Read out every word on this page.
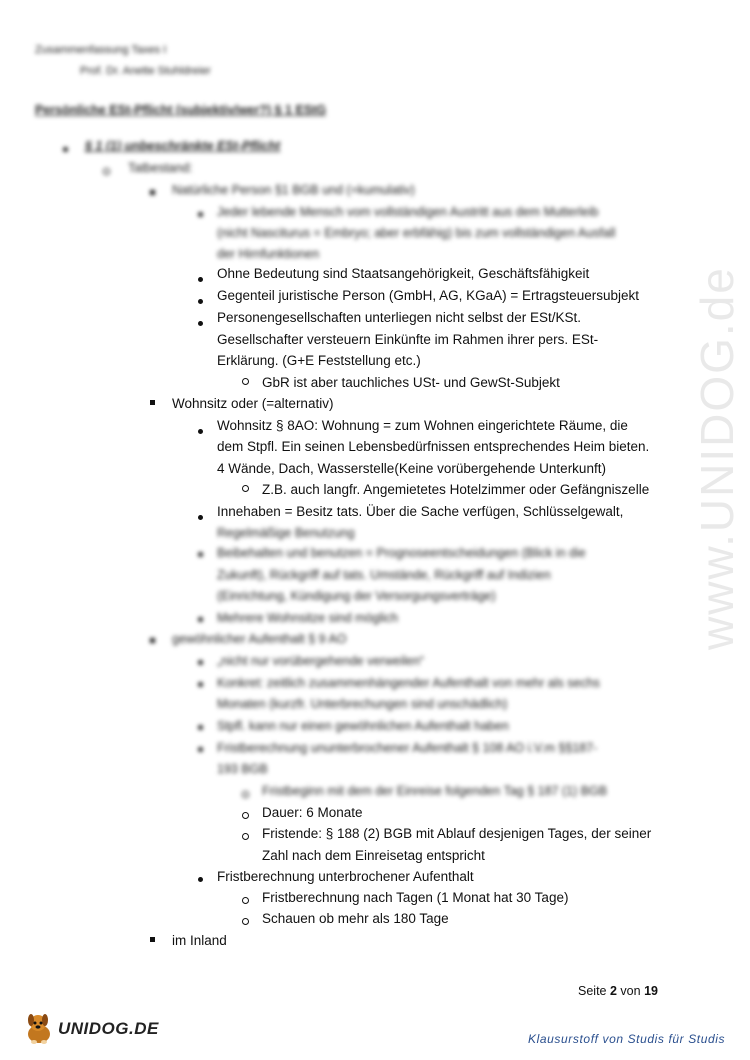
Zusammenfassung Taxes I
Prof. Dr. Anette Stuhldreier
Persönliche ESt-Pflicht (subjektiv/wer?) § 1 EStG
§ 1 (1) unbeschränkte ESt-Pflicht
Tatbestand:
Natürliche Person §1 BGB und (=kumulativ)
Jeder lebende Mensch vom vollständigen Austritt aus dem Mutterleib
(nicht Nasciturus = Embryo; aber erbfähig) bis zum vollständigen Ausfall
der Hirnfunktionen
Ohne Bedeutung sind Staatsangehörigkeit, Geschäftsfähigkeit
Gegenteil juristische Person (GmbH, AG, KGaA) = Ertragsteuersubjekt
Personengesellschaften unterliegen nicht selbst der ESt/KSt.
Gesellschafter versteuern Einkünfte im Rahmen ihrer pers. ESt-
Erklärung. (G+E Feststellung etc.)
GbR ist aber tauchliches USt- und GewSt-Subjekt
Wohnsitz oder (=alternativ)
Wohnsitz § 8AO: Wohnung = zum Wohnen eingerichtete Räume, die
dem Stpfl. Ein seinen Lebensbedürfnissen entsprechendes Heim bieten.
4 Wände, Dach, Wasserstelle(Keine vorübergehende Unterkunft)
Z.B. auch langfr. Angemietetes Hotelzimmer oder Gefängniszelle
Innehaben = Besitz tats. Über die Sache verfügen, Schlüsselgewalt,
Regelmäßige Benutzung
Beibehalten und benutzen = Prognoseentscheidungen (Blick in die
Zukunft), Rückgriff auf tats. Umstände, Rückgriff auf Indizien
(Einrichtung, Kündigung der Versorgungsverträge)
Mehrere Wohnsitze sind möglich
gewöhnlicher Aufenthalt § 9 AO
„nicht nur vorübergehende verweilen“
Konkret: zeitlich zusammenhängender Aufenthalt von mehr als sechs
Monaten (kurzfr. Unterbrechungen sind unschädlich)
Stpfl. kann nur einen gewöhnlichen Aufenthalt haben
Fristberechnung ununterbrochener Aufenthalt § 108 AO i.V.m §§187-
193 BGB
Fristbeginn mit dem der Einreise folgenden Tag § 187 (1) BGB
Dauer: 6 Monate
Fristende: § 188 (2) BGB mit Ablauf desjenigen Tages, der seiner
Zahl nach dem Einreisetag entspricht
Fristberechnung unterbrochener Aufenthalt
Fristberechnung nach Tagen (1 Monat hat 30 Tage)
Schauen ob mehr als 180 Tage
im Inland
www.UNIDOG.de
Seite 2 von 19
UNIDOG.DE
Klausurstoff von Studis für Studis
